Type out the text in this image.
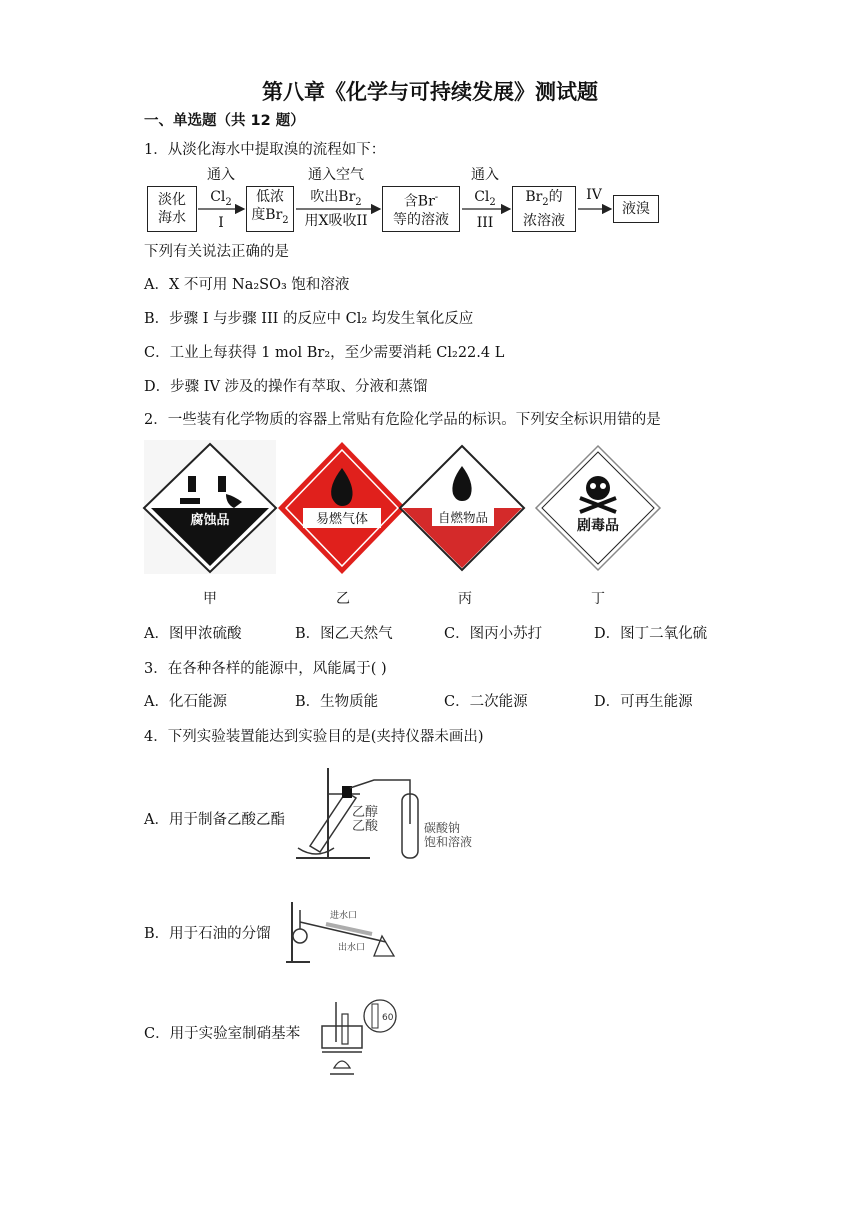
第八章《化学与可持续发展》测试题
一、单选题（共 12 题）
1．从淡化海水中提取溴的流程如下：
淡化
海水
通入
$Cl_2$
I
低浓
度$Br_2$
通入空气
吹出$Br_2$
用X吸收II
含Br-
等的溶液
通入
$Cl_2$
III
$Br_2$的
浓溶液
IV
液溴
下列有关说法正确的是
A．X 不可用 Na₂SO₃ 饱和溶液
B．步骤 I 与步骤 III 的反应中 Cl₂ 均发生氧化反应
C．工业上每获得 1 mol Br₂，至少需要消耗 Cl₂22.4 L
D．步骤 IV 涉及的操作有萃取、分液和蒸馏
2．一些装有化学物质的容器上常贴有危险化学品的标识。下列安全标识用错的是
腐蚀品	易燃气体	自燃物品
剧毒品
甲	乙	丙	丁
A．图甲浓硫酸	B．图乙天然气	C．图丙小苏打	D．图丁二氧化硫
3．在各种各样的能源中，风能属于( )
A．化石能源	B．生物质能	C．二次能源	D．可再生能源
4．下列实验装置能达到实验目的是(夹持仪器未画出)
A．用于制备乙酸乙酯	乙醇
乙酸	碳酸钠
饱和溶液
B．用于石油的分馏
进水口
出水口
C．用于实验室制硝基苯
60
